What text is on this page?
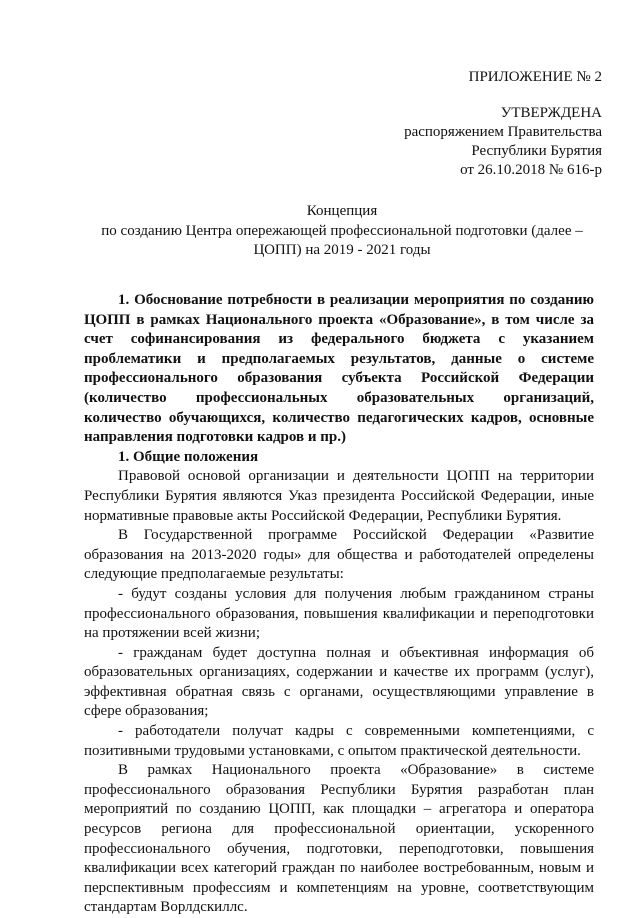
ПРИЛОЖЕНИЕ № 2
УТВЕРЖДЕНА
распоряжением Правительства
Республики Бурятия
от 26.10.2018 № 616-р
Концепция
по созданию Центра опережающей профессиональной подготовки (далее –
ЦОПП) на 2019 - 2021 годы

1. Обоснование потребности в реализации мероприятия по созданию ЦОПП в рамках Национального проекта «Образование», в том числе за счет софинансирования из федерального бюджета с указанием проблематики и предполагаемых результатов, данные о системе профессионального образования субъекта Российской Федерации (количество профессиональных образовательных организаций, количество обучающихся, количество педагогических кадров, основные направления подготовки кадров и пр.)

1. Общие положения

Правовой основой организации и деятельности ЦОПП на территории Республики Бурятия являются Указ президента Российской Федерации, иные нормативные правовые акты Российской Федерации, Республики Бурятия.

В Государственной программе Российской Федерации «Развитие образования на 2013-2020 годы» для общества и работодателей определены следующие предполагаемые результаты:

- будут созданы условия для получения любым гражданином страны профессионального образования, повышения квалификации и переподготовки на протяжении всей жизни;

- гражданам будет доступна полная и объективная информация об образовательных организациях, содержании и качестве их программ (услуг), эффективная обратная связь с органами, осуществляющими управление в сфере образования;

- работодатели получат кадры с современными компетенциями, с позитивными трудовыми установками, с опытом практической деятельности.

В рамках Национального проекта «Образование» в системе профессионального образования Республики Бурятия разработан план мероприятий по созданию ЦОПП, как площадки – агрегатора и оператора ресурсов региона для профессиональной ориентации, ускоренного профессионального обучения, подготовки, переподготовки, повышения квалификации всех категорий граждан по наиболее востребованным, новым и перспективным профессиям и компетенциям на уровне, соответствующим стандартам Ворлдскиллс.
